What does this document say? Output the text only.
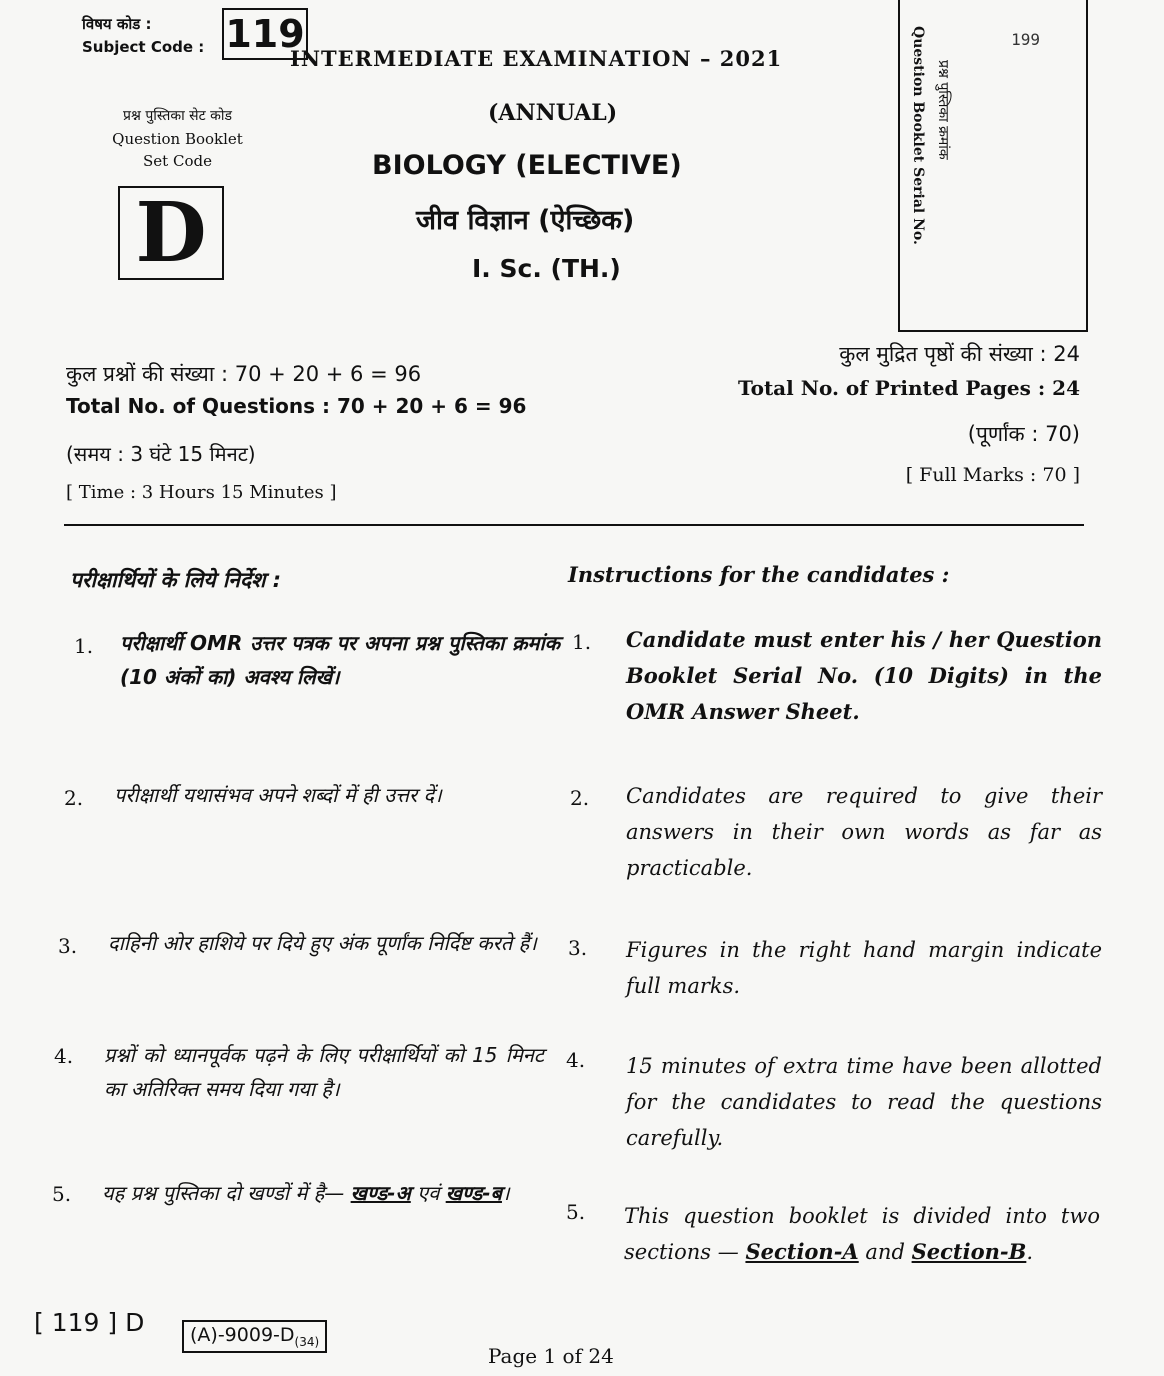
विषय कोड :
Subject Code : 119
प्रश्न पुस्तिका सेट कोड
Question Booklet
Set Code
D
INTERMEDIATE EXAMINATION – 2021
(ANNUAL)
BIOLOGY (ELECTIVE)
जीव विज्ञान (ऐच्छिक)
I. Sc. (TH.)
Question Booklet Serial No. प्रश्न पुस्तिका क्रमांक
199
कुल प्रश्नों की संख्या : 70 + 20 + 6 = 96
Total No. of Questions : 70 + 20 + 6 = 96
(समय : 3 घंटे 15 मिनट)
[ Time : 3 Hours 15 Minutes ]
कुल मुद्रित पृष्ठों की संख्या : 24
Total No. of Printed Pages : 24
(पूर्णांक : 70)
[ Full Marks : 70 ]
परीक्षार्थियों के लिये निर्देश :	Instructions for the candidates :
1. परीक्षार्थी OMR उत्तर पत्रक पर अपना प्रश्न पुस्तिका क्रमांक (10 अंकों का) अवश्य लिखें।
1. Candidate must enter his / her Question Booklet Serial No. (10 Digits) in the OMR Answer Sheet.
2. परीक्षार्थी यथासंभव अपने शब्दों में ही उत्तर दें।	2. Candidates are required to give their answers in their own words as far as practicable.
3. दाहिनी ओर हाशिये पर दिये हुए अंक पूर्णांक निर्दिष्ट करते हैं।	3. Figures in the right hand margin indicate full marks.
4. प्रश्नों को ध्यानपूर्वक पढ़ने के लिए परीक्षार्थियों को 15 मिनट का अतिरिक्त समय दिया गया है।
4. 15 minutes of extra time have been allotted for the candidates to read the questions carefully.
5. यह प्रश्न पुस्तिका दो खण्डों में है— खण्ड-अ एवं खण्ड-ब।
5. This question booklet is divided into two sections — Section-A and Section-B.
[ 119 ] D	$(A)-9009-D_{(34)}$
Page 1 of 24
